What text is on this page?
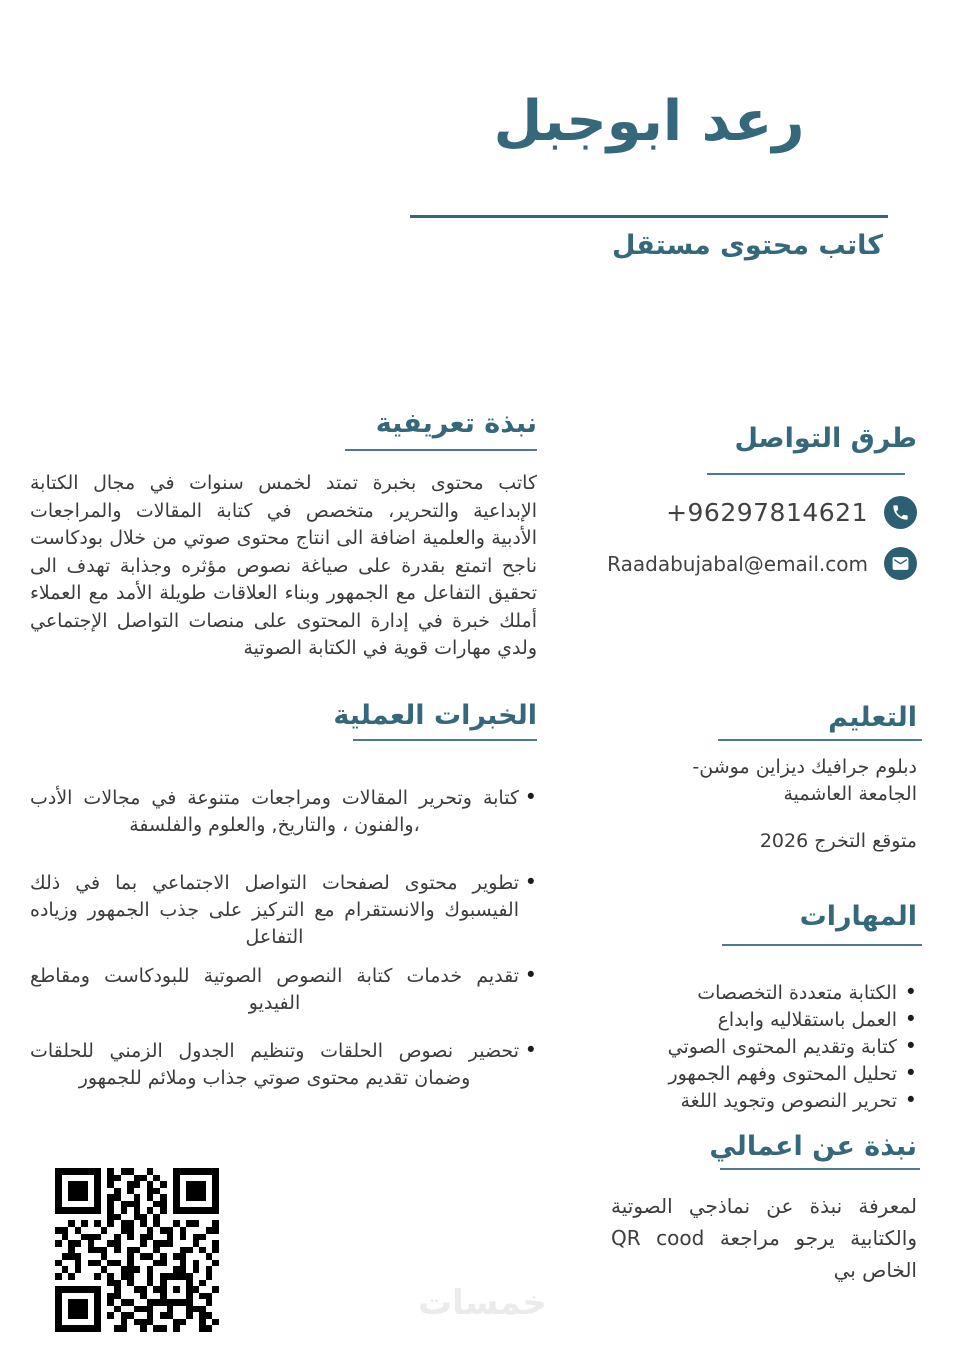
رعد ابوجبل
كاتب محتوى مستقل
نبذة تعريفية
كاتب محتوى بخبرة تمتد لخمس سنوات في مجال الكتابة الإبداعية والتحرير، متخصص في كتابة المقالات والمراجعات الأدبية والعلمية اضافة الى انتاج محتوى صوتي من خلال بودكاست ناجح اتمتع بقدرة على صياغة نصوص مؤثره وجذابة تهدف الى تحقيق التفاعل مع الجمهور وبناء العلاقات طويلة الأمد مع العملاء أملك خبرة في إدارة المحتوى على منصات التواصل الإجتماعي ولدي مهارات قوية في الكتابة الصوتية
الخبرات العملية
• كتابة وتحرير المقالات ومراجعات متنوعة في مجالات الأدب ،والفنون ، والتاريخ, والعلوم والفلسفة
• تطوير محتوى لصفحات التواصل الاجتماعي بما في ذلك الفيسبوك والانستقرام مع التركيز على جذب الجمهور وزياده التفاعل
• تقديم خدمات كتابة النصوص الصوتية للبودكاست ومقاطع الفيديو
• تحضير نصوص الحلقات وتنظيم الجدول الزمني للحلقات وضمان تقديم محتوى صوتي جذاب وملائم للجمهور
طرق التواصل
+96297814621
Raadabujabal@email.com
التعليم
دبلوم جرافيك ديزاين موشن- الجامعة العاشمية
متوقع التخرج 2026
المهارات
• الكتابة متعددة التخصصات
• العمل باستقلاليه وابداع
• كتابة وتقديم المحتوى الصوتي
• تحليل المحتوى وفهم الجمهور
• تحرير النصوص وتجويد اللغة
نبذة عن اعمالي
لمعرفة نبذة عن نماذجي الصوتية والكتابية يرجو مراجعة QR cood الخاص بي
خمسات
